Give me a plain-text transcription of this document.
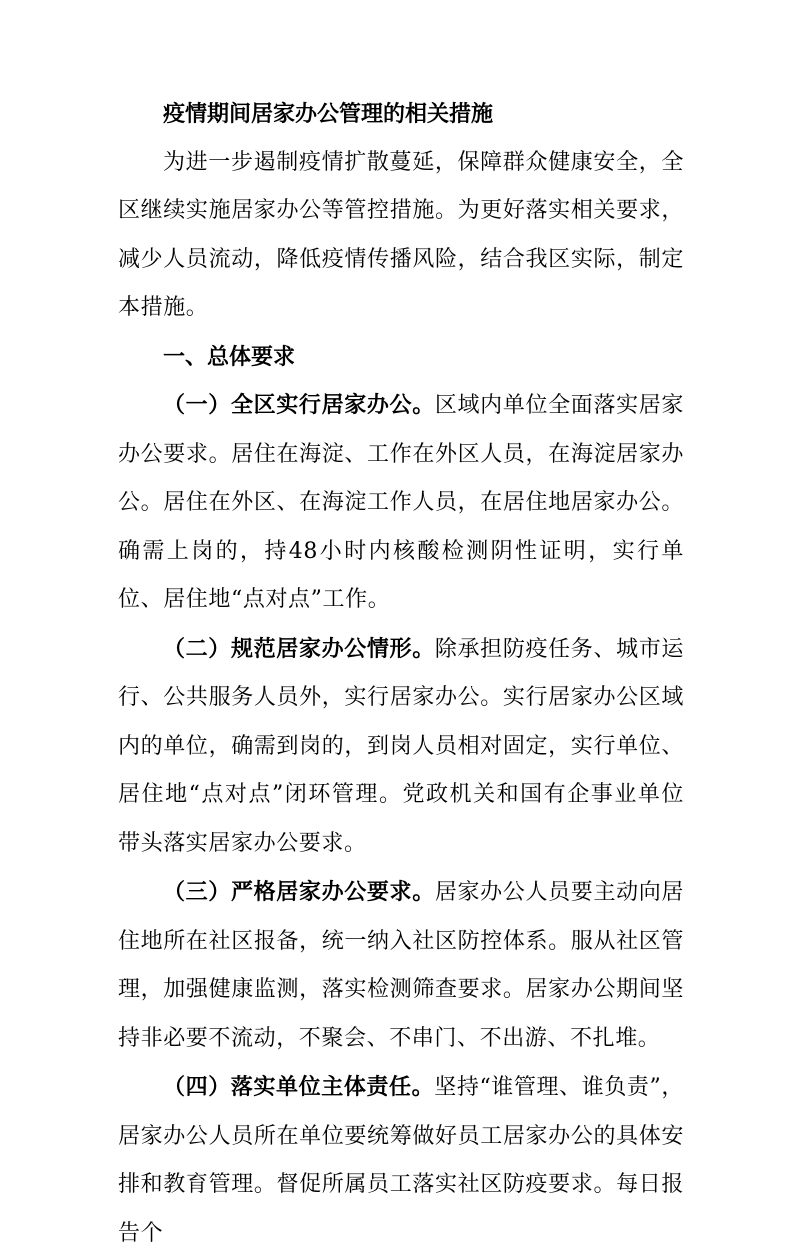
疫情期间居家办公管理的相关措施

为进一步遏制疫情扩散蔓延，保障群众健康安全，全区继续实施居家办公等管控措施。为更好落实相关要求，减少人员流动，降低疫情传播风险，结合我区实际，制定本措施。

一、总体要求

（一）全区实行居家办公。区域内单位全面落实居家办公要求。居住在海淀、工作在外区人员，在海淀居家办公。居住在外区、在海淀工作人员，在居住地居家办公。确需上岗的，持48小时内核酸检测阴性证明，实行单位、居住地“点对点”工作。

（二）规范居家办公情形。除承担防疫任务、城市运行、公共服务人员外，实行居家办公。实行居家办公区域内的单位，确需到岗的，到岗人员相对固定，实行单位、居住地“点对点”闭环管理。党政机关和国有企事业单位带头落实居家办公要求。

（三）严格居家办公要求。居家办公人员要主动向居住地所在社区报备，统一纳入社区防控体系。服从社区管理，加强健康监测，落实检测筛查要求。居家办公期间坚持非必要不流动，不聚会、不串门、不出游、不扎堆。

（四）落实单位主体责任。坚持“谁管理、谁负责”，居家办公人员所在单位要统筹做好员工居家办公的具体安排和教育管理。督促所属员工落实社区防疫要求。每日报告个
